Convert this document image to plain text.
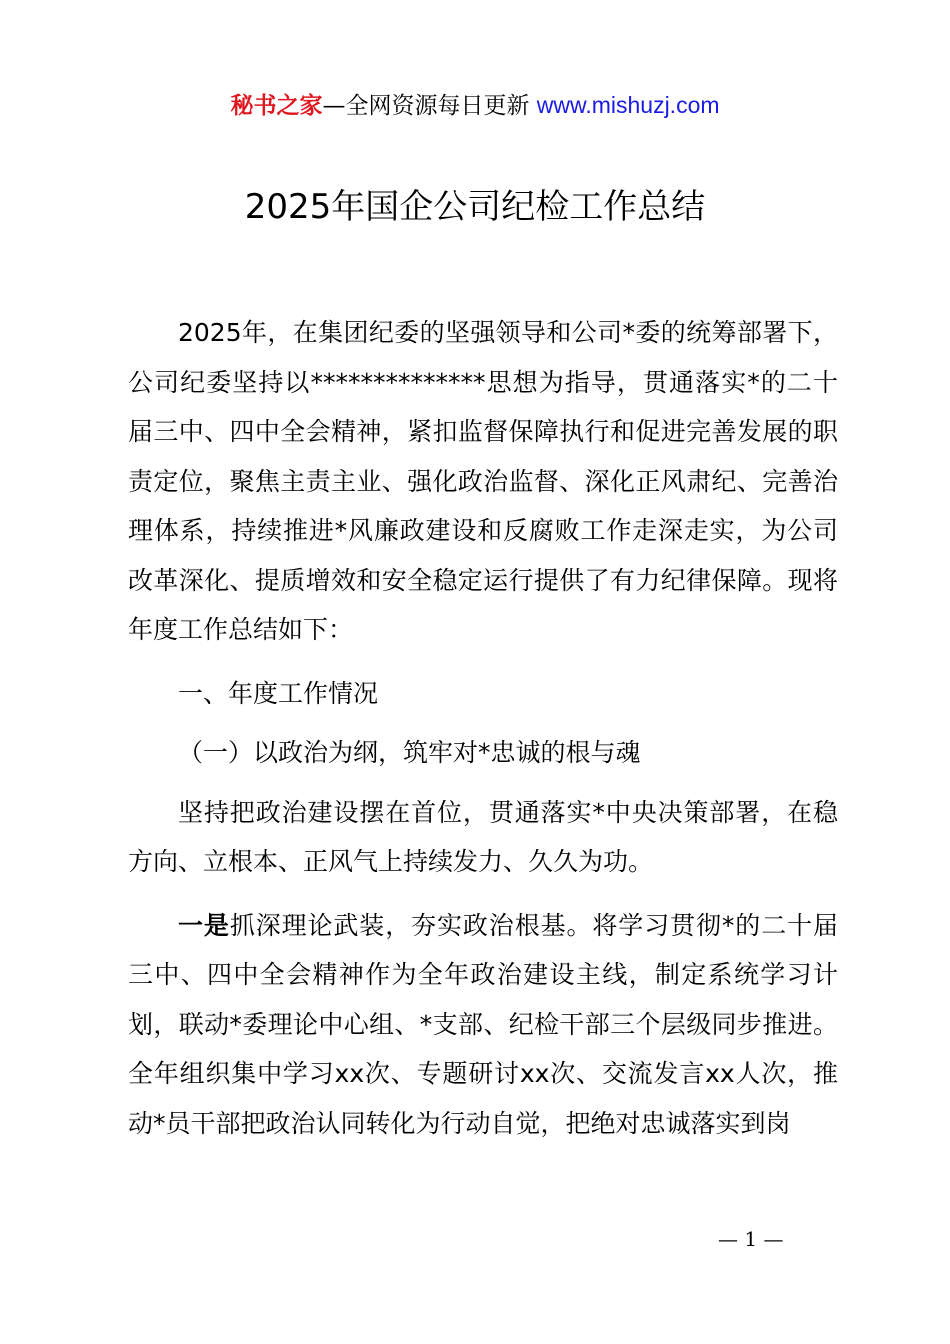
秘书之家—全网资源每日更新 www.mishuzj.com
2025年国企公司纪检工作总结

2025年，在集团纪委的坚强领导和公司*委的统筹部署下，公司纪委坚持以**************思想为指导，贯通落实*的二十届三中、四中全会精神，紧扣监督保障执行和促进完善发展的职责定位，聚焦主责主业、强化政治监督、深化正风肃纪、完善治理体系，持续推进*风廉政建设和反腐败工作走深走实，为公司改革深化、提质增效和安全稳定运行提供了有力纪律保障。现将年度工作总结如下：

一、年度工作情况

（一）以政治为纲，筑牢对*忠诚的根与魂

坚持把政治建设摆在首位，贯通落实*中央决策部署，在稳方向、立根本、正风气上持续发力、久久为功。

一是抓深理论武装，夯实政治根基。将学习贯彻*的二十届三中、四中全会精神作为全年政治建设主线，制定系统学习计划，联动*委理论中心组、*支部、纪检干部三个层级同步推进。全年组织集中学习xx次、专题研讨xx次、交流发言xx人次，推动*员干部把政治认同转化为行动自觉，把绝对忠诚落实到岗

— 1 —
